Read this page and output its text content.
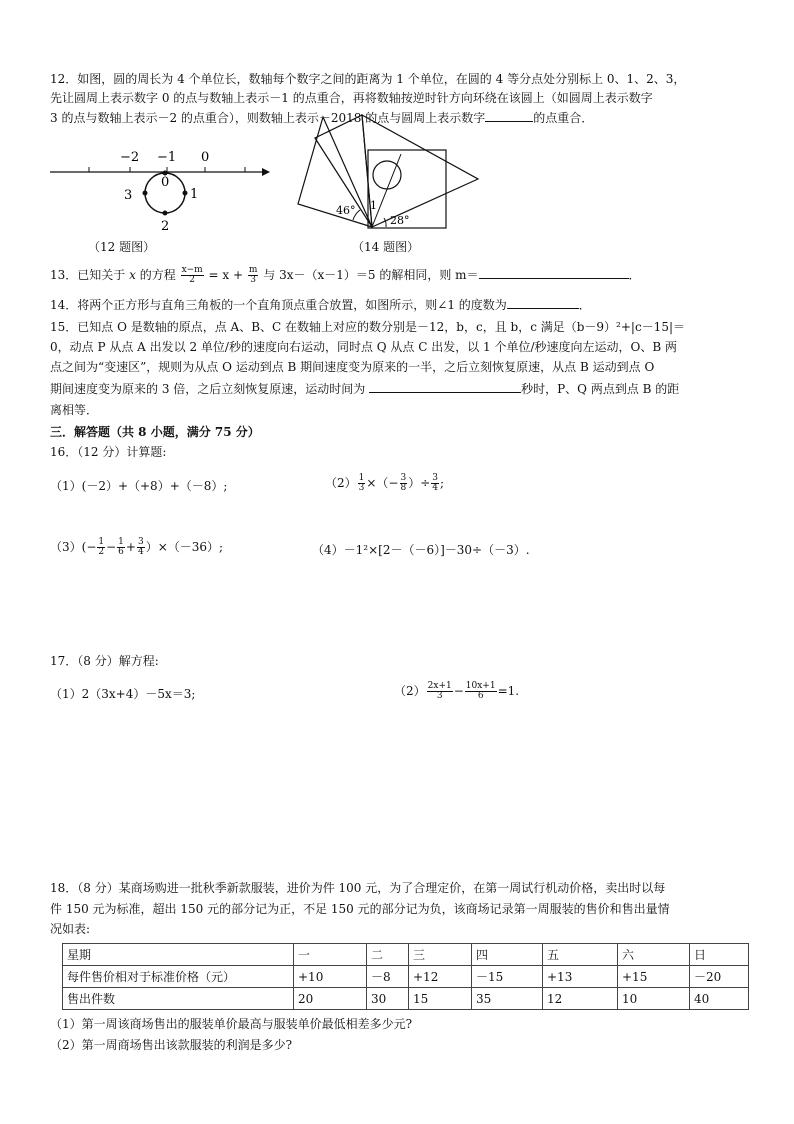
12．如图，圆的周长为 4 个单位长，数轴每个数字之间的距离为 1 个单位，在圆的 4 等分点处分别标上 0、1、2、3，
先让圆周上表示数字 0 的点与数轴上表示－1 的点重合，再将数轴按逆时针方向环绕在该圆上（如圆周上表示数字
3 的点与数轴上表示－2 的点重合），则数轴上表示－2018 的点与圆周上表示数字	的点重合．
−2 −1 0
0
1
2
3
（12 题图）
46°
28°
1
（14 题图）
13．已知关于 x 的方程 $\frac{x-m}{2} = x + \frac{m}{3}$ 与 3x－（x－1）＝5 的解相同，则 m＝	．
14．将两个正方形与直角三角板的一个直角顶点重合放置，如图所示，则∠1 的度数为	．
15．已知点 O 是数轴的原点，点 A、B、C 在数轴上对应的数分别是－12，b，c，且 b，c 满足（b－9）²+|c－15|＝
0，动点 P 从点 A 出发以 2 单位/秒的速度向右运动，同时点 Q 从点 C 出发，以 1 个单位/秒速度向左运动，O、B 两
点之间为“变速区”，规则为从点 O 运动到点 B 期间速度变为原来的一半，之后立刻恢复原速，从点 B 运动到点 O
期间速度变为原来的 3 倍，之后立刻恢复原速，运动时间为	秒时，P、Q 两点到点 B 的距
离相等．
三．解答题（共 8 小题，满分 75 分）
16．（12 分）计算题:
（1）(－2）+（+8）+（－8）;	$(2) \frac{1}{3}$ ×（− $\frac{3}{8}$ ）÷ $\frac{3}{4}$ ;
$(3)(- \frac{1}{2} - \frac{1}{6} + \frac{3}{4} )\times(-36)$;	（4）－1²×[2－（－6）]－30÷（－3）.
17．（8 分）解方程:
（1）2（3x+4）－5x＝3;	$(2) \frac{2x+1}{3} - \frac{10x+1}{6} =1$.
18．（8 分）某商场购进一批秋季新款服装，进价为件 100 元，为了合理定价，在第一周试行机动价格，卖出时以每
件 150 元为标准，超出 150 元的部分记为正，不足 150 元的部分记为负，该商场记录第一周服装的售价和售出量情
况如表:
星期	一	二	三	四	五	六	日
每件售价相对于标准价格（元）	+10	－8	+12	－15	+13	+15	－20
售出件数	20	30	15	35	12	10	40
（1）第一周该商场售出的服装单价最高与服装单价最低相差多少元?
（2）第一周商场售出该款服装的利润是多少?
